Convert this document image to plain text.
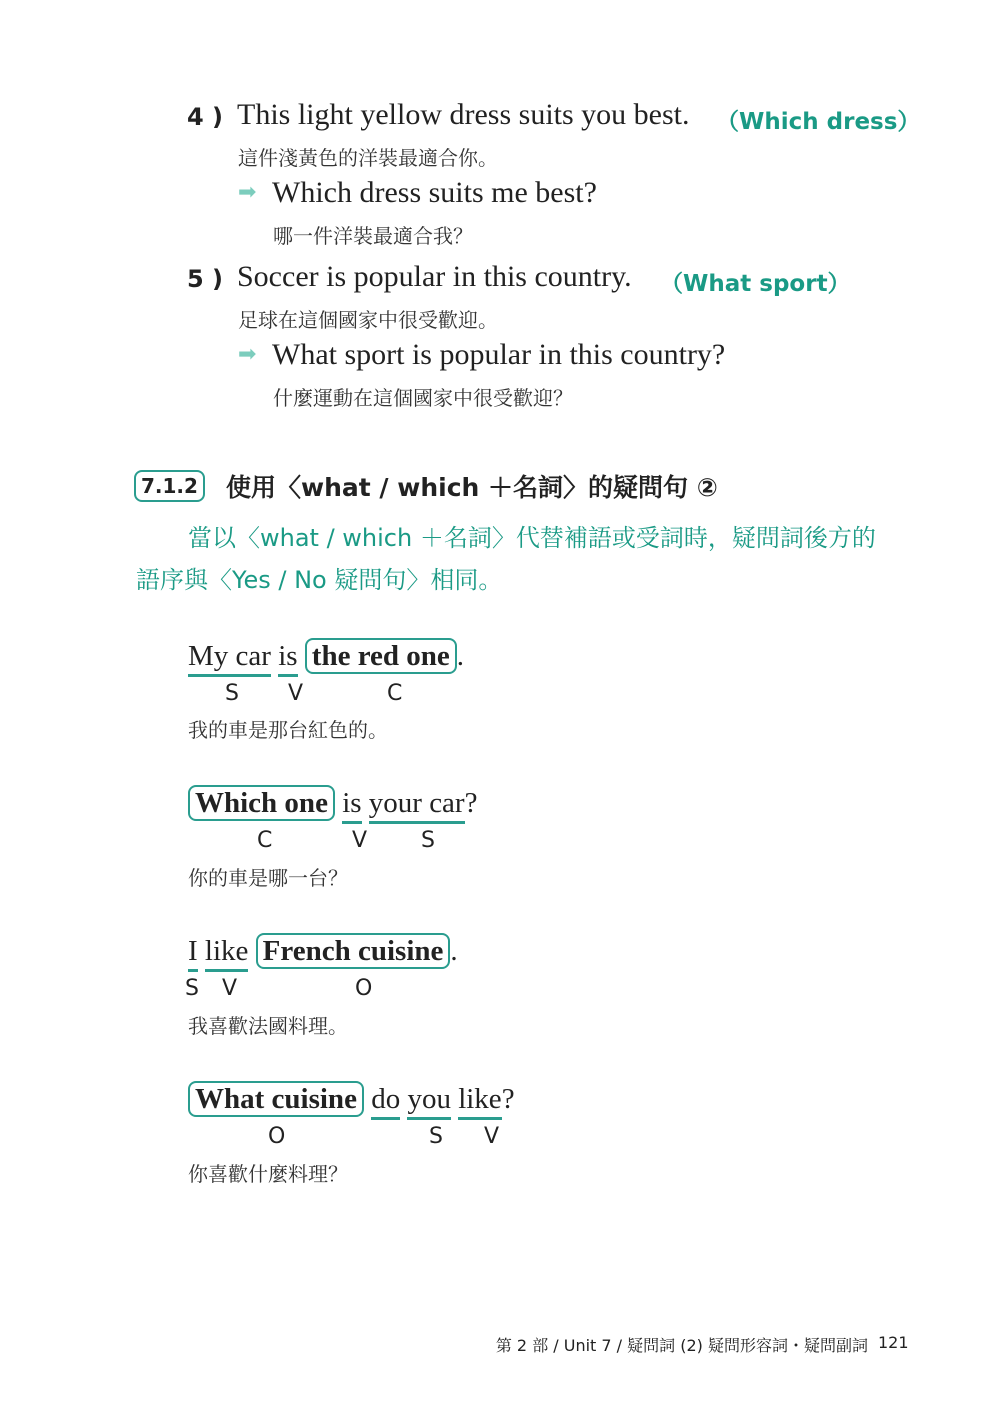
4 ) This light yellow dress suits you best. （Which dress）
這件淺黃色的洋裝最適合你。
➡ Which dress suits me best?
哪一件洋裝最適合我？
5 ) Soccer is popular in this country. （What sport）
足球在這個國家中很受歡迎。
➡ What sport is popular in this country?
什麼運動在這個國家中很受歡迎？
7.1.2 使用〈what / which ＋名詞〉的疑問句 ②
當以〈what / which ＋名詞〉代替補語或受詞時，疑問詞後方的
語序與〈Yes / No 疑問句〉相同。
My car is the red one .
S V	C
我的車是那台紅色的。
Which one is your car?
C	V S
你的車是哪一台？
I like French cuisine .
S V	O
我喜歡法國料理。
What cuisine do you like?
O	S V
你喜歡什麼料理？
第 2 部 / Unit 7 / 疑問詞 (2) 疑問形容詞・疑問副詞 121
